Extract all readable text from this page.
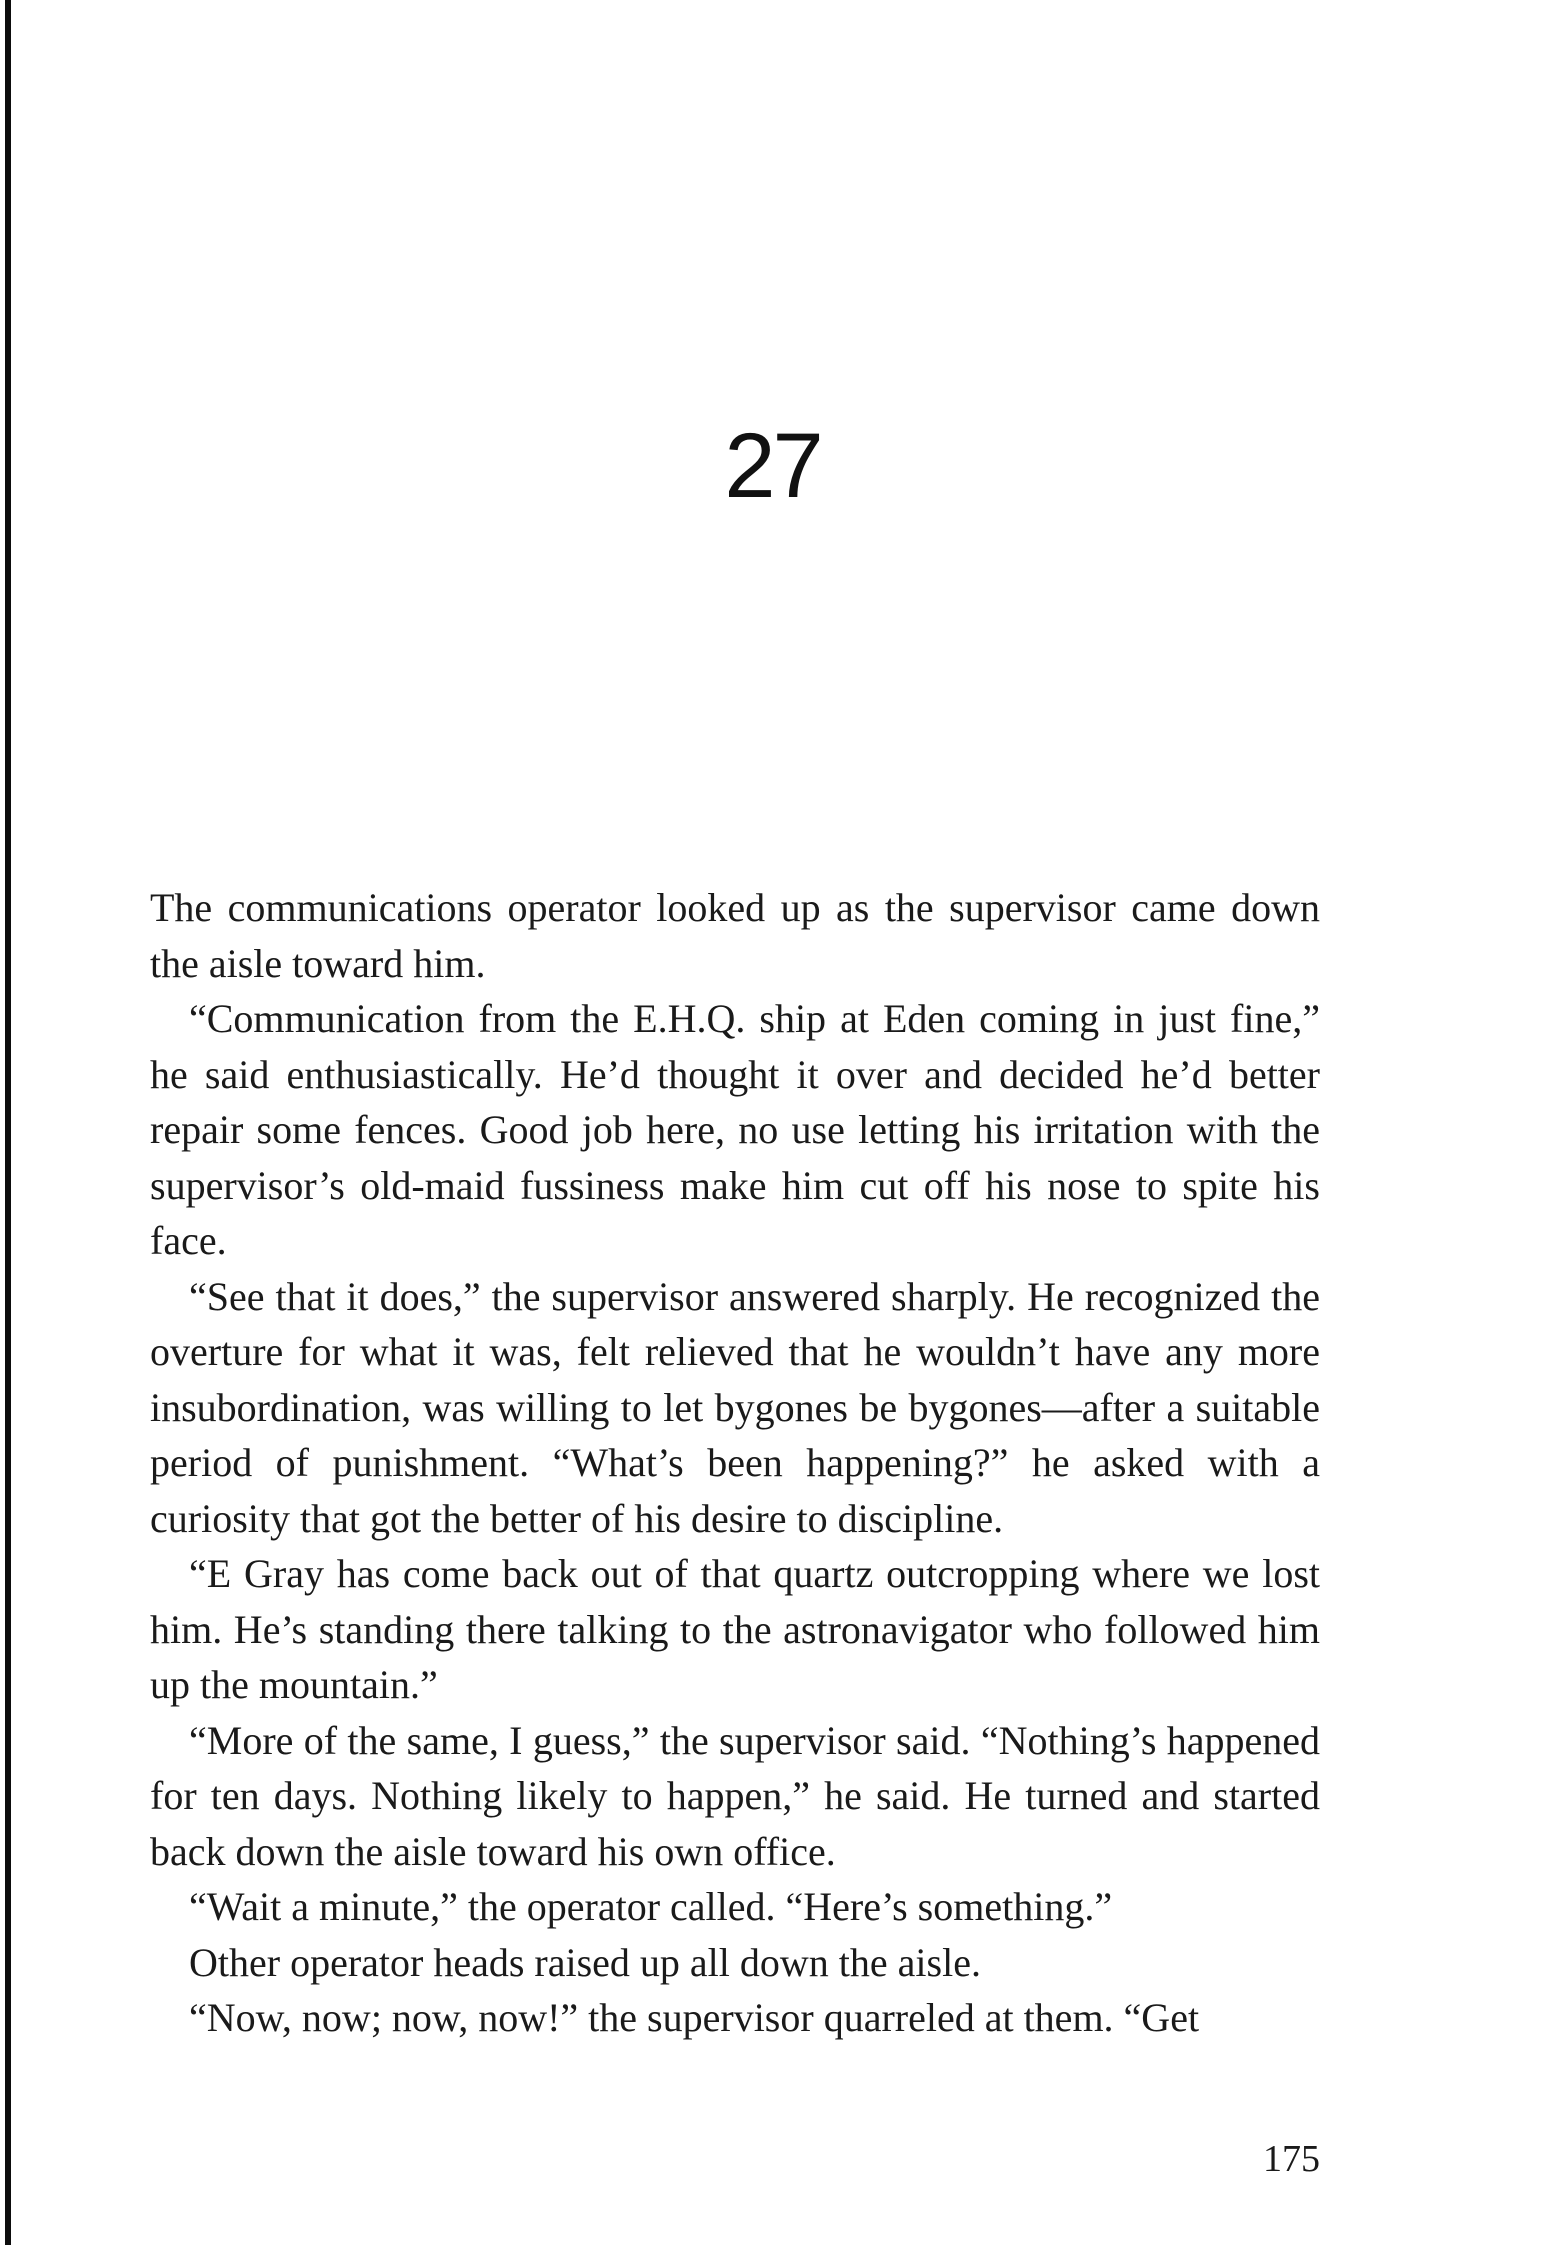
27

The communications operator looked up as the supervisor came down the aisle toward him.

“Communication from the E.H.Q. ship at Eden coming in just fine,” he said enthusiastically. He’d thought it over and decided he’d better repair some fences. Good job here, no use letting his irritation with the supervisor’s old-maid fussiness make him cut off his nose to spite his face.

“See that it does,” the supervisor answered sharply. He recognized the overture for what it was, felt relieved that he wouldn’t have any more insubordination, was willing to let bygones be bygones—after a suitable period of punishment. “What’s been happening?” he asked with a curiosity that got the better of his desire to discipline.

“E Gray has come back out of that quartz outcropping where we lost him. He’s standing there talking to the astronavigator who followed him up the mountain.”

“More of the same, I guess,” the supervisor said. “Nothing’s happened for ten days. Nothing likely to happen,” he said. He turned and started back down the aisle toward his own office.

“Wait a minute,” the operator called. “Here’s something.”

Other operator heads raised up all down the aisle.

“Now, now; now, now!” the supervisor quarreled at them. “Get

175
